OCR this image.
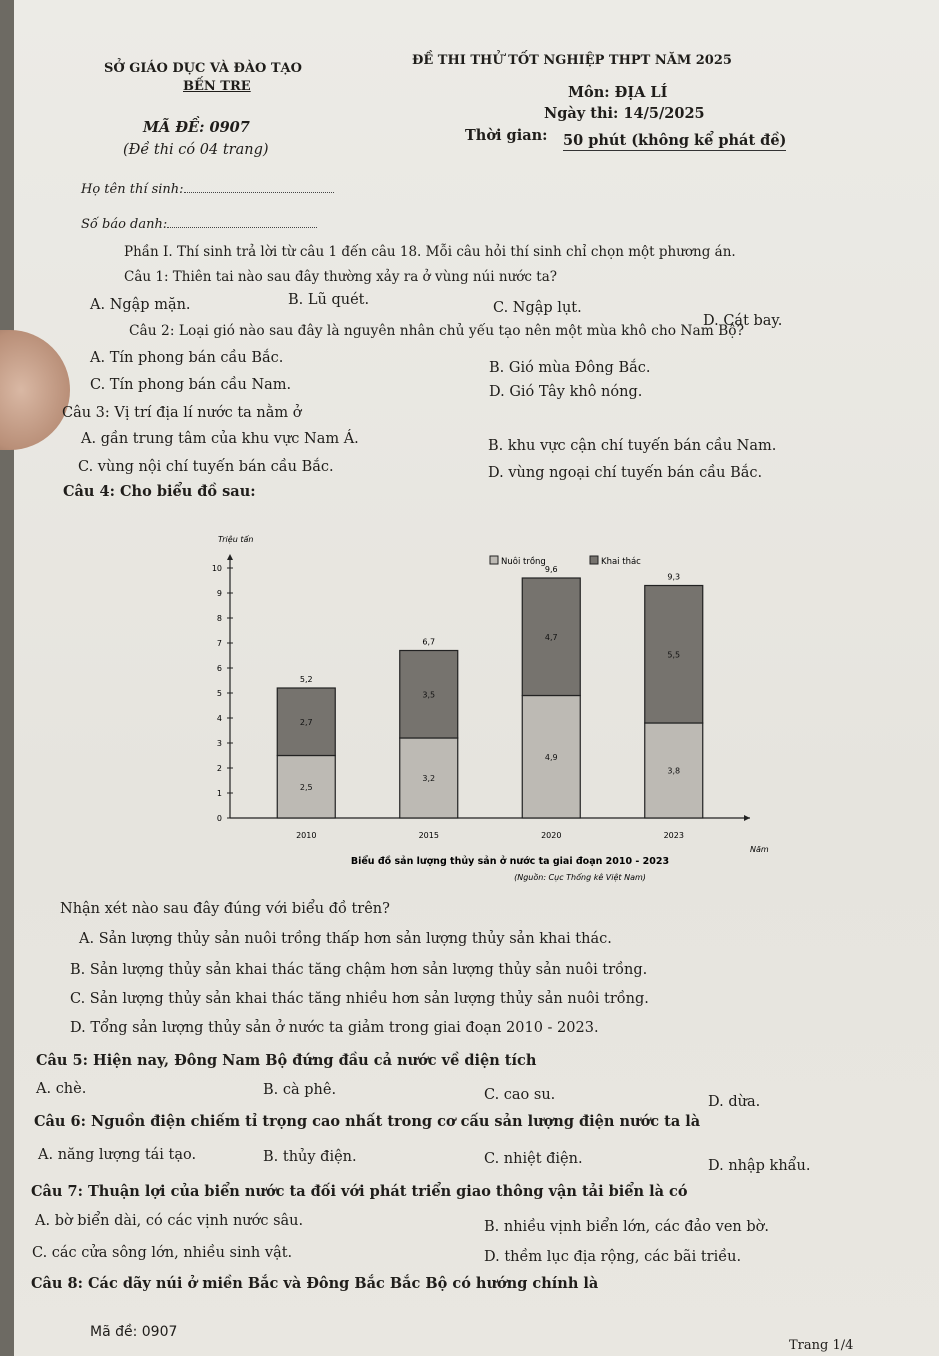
SỞ GIÁO DỤC VÀ ĐÀO TẠO
BẾN TRE
MÃ ĐỀ: 0907
(Đề thi có 04 trang)
ĐỀ THI THỬ TỐT NGHIỆP THPT NĂM 2025
Môn: ĐỊA LÍ
Ngày thi: 14/5/2025
Thời gian: 50 phút (không kể phát đề)
Họ tên thí sinh:
Số báo danh:
Phần I. Thí sinh trả lời từ câu 1 đến câu 18. Mỗi câu hỏi thí sinh chỉ chọn một phương án.
Câu 1: Thiên tai nào sau đây thường xảy ra ở vùng núi nước ta?
A. Ngập mặn.	B. Lũ quét.	C. Ngập lụt.
D. Cát bay.
Câu 2: Loại gió nào sau đây là nguyên nhân chủ yếu tạo nên một mùa khô cho Nam Bộ?
A. Tín phong bán cầu Bắc.
B. Gió mùa Đông Bắc.
C. Tín phong bán cầu Nam.	D. Gió Tây khô nóng.
Câu 3: Vị trí địa lí nước ta nằm ở
A. gần trung tâm của khu vực Nam Á.	B. khu vực cận chí tuyến bán cầu Nam.
C. vùng nội chí tuyến bán cầu Bắc.	D. vùng ngoại chí tuyến bán cầu Bắc.
Câu 4: Cho biểu đồ sau:
Triệu tấn
0
1
2
3
4
5
6
7
8
9
10
2,5
2,7
5,2
2010
3,2
3,5
6,7
2015
4,9
4,7
9,6
2020
3,8
5,5
9,3
2023
Nuôi trồng	Khai thác
Năm
Biểu đồ sản lượng thủy sản ở nước ta giai đoạn 2010 - 2023
(Nguồn: Cục Thống kê Việt Nam)
Nhận xét nào sau đây đúng với biểu đồ trên?
A. Sản lượng thủy sản nuôi trồng thấp hơn sản lượng thủy sản khai thác.
B. Sản lượng thủy sản khai thác tăng chậm hơn sản lượng thủy sản nuôi trồng.
C. Sản lượng thủy sản khai thác tăng nhiều hơn sản lượng thủy sản nuôi trồng.
D. Tổng sản lượng thủy sản ở nước ta giảm trong giai đoạn 2010 - 2023.
Câu 5: Hiện nay, Đông Nam Bộ đứng đầu cả nước về diện tích
A. chè.	B. cà phê.	C. cao su.	D. dừa.
Câu 6: Nguồn điện chiếm tỉ trọng cao nhất trong cơ cấu sản lượng điện nước ta là
A. năng lượng tái tạo.	B. thủy điện.	C. nhiệt điện.	D. nhập khẩu.
Câu 7: Thuận lợi của biển nước ta đối với phát triển giao thông vận tải biển là có
A. bờ biển dài, có các vịnh nước sâu.	B. nhiều vịnh biển lớn, các đảo ven bờ.
C. các cửa sông lớn, nhiều sinh vật.	D. thềm lục địa rộng, các bãi triều.
Câu 8: Các dãy núi ở miền Bắc và Đông Bắc Bắc Bộ có hướng chính là
Mã đề: 0907
Trang 1/4
